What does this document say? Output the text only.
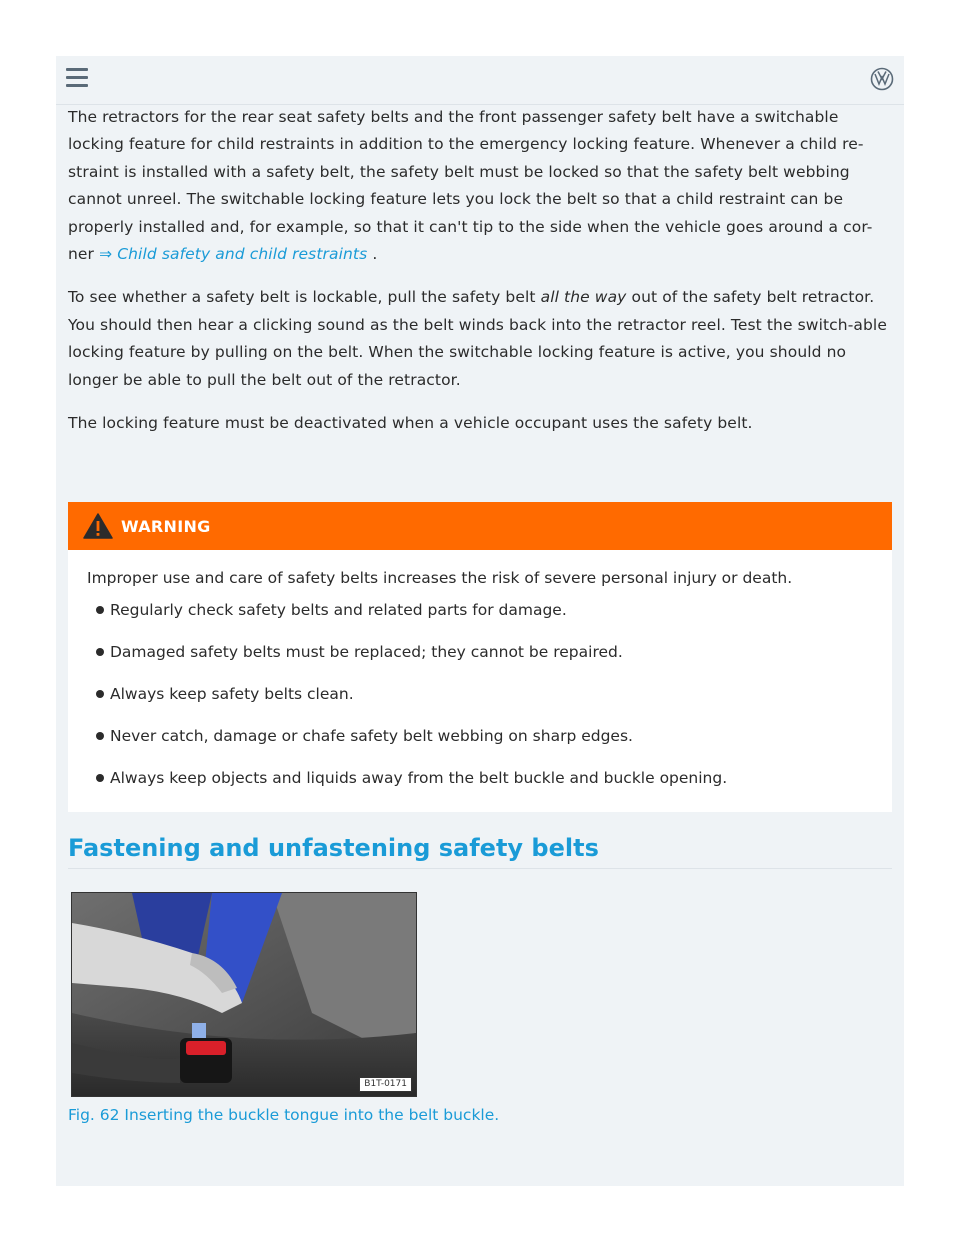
The retractors for the rear seat safety belts and the front passenger safety belt have a switchable locking feature for child restraints in addition to the emergency locking feature. Whenever a child re-straint is installed with a safety belt, the safety belt must be locked so that the safety belt webbing cannot unreel. The switchable locking feature lets you lock the belt so that a child restraint can be properly installed and, for example, so that it can't tip to the side when the vehicle goes around a cor-ner ⇒ Child safety and child restraints .

To see whether a safety belt is lockable, pull the safety belt all the way out of the safety belt retractor. You should then hear a clicking sound as the belt winds back into the retractor reel. Test the switch-able locking feature by pulling on the belt. When the switchable locking feature is active, you should no longer be able to pull the belt out of the retractor.

The locking feature must be deactivated when a vehicle occupant uses the safety belt.

WARNING

Improper use and care of safety belts increases the risk of severe personal injury or death.

Regularly check safety belts and related parts for damage.
Damaged safety belts must be replaced; they cannot be repaired.
Always keep safety belts clean.
Never catch, damage or chafe safety belt webbing on sharp edges.
Always keep objects and liquids away from the belt buckle and buckle opening.
Fastening and unfastening safety belts
B1T-0171

Fig. 62 Inserting the buckle tongue into the belt buckle.
